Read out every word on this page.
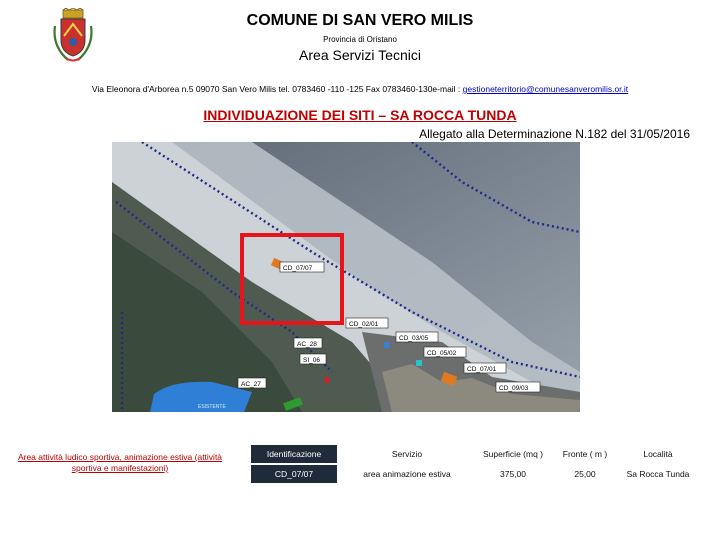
COMUNE DI SAN VERO MILIS
Provincia di Oristano
Area Servizi Tecnici
Via Eleonora d'Arborea n.5 09070 San Vero Milis tel. 0783460 -110 -125 Fax 0783460-130e-mail : gestioneterritorio@comunesanveromilis.or.it
INDIVIDUAZIONE DEI SITI – SA ROCCA TUNDA
Allegato alla Determinazione N.182 del 31/05/2016
ESISTENTE
CD_07/07
CD_02/01
CD_03/05
AC_28
SI_06
CD_05/02
CD_07/01
AC_27
CD_09/03
Area attività ludico sportiva, animazione estiva (attività sportiva e manifestazioni)
Identificazione	Servizio	Superficie (mq )	Fronte ( m )	Località
CD_07/07	area animazione estiva	375,00	25,00	Sa Rocca Tunda
